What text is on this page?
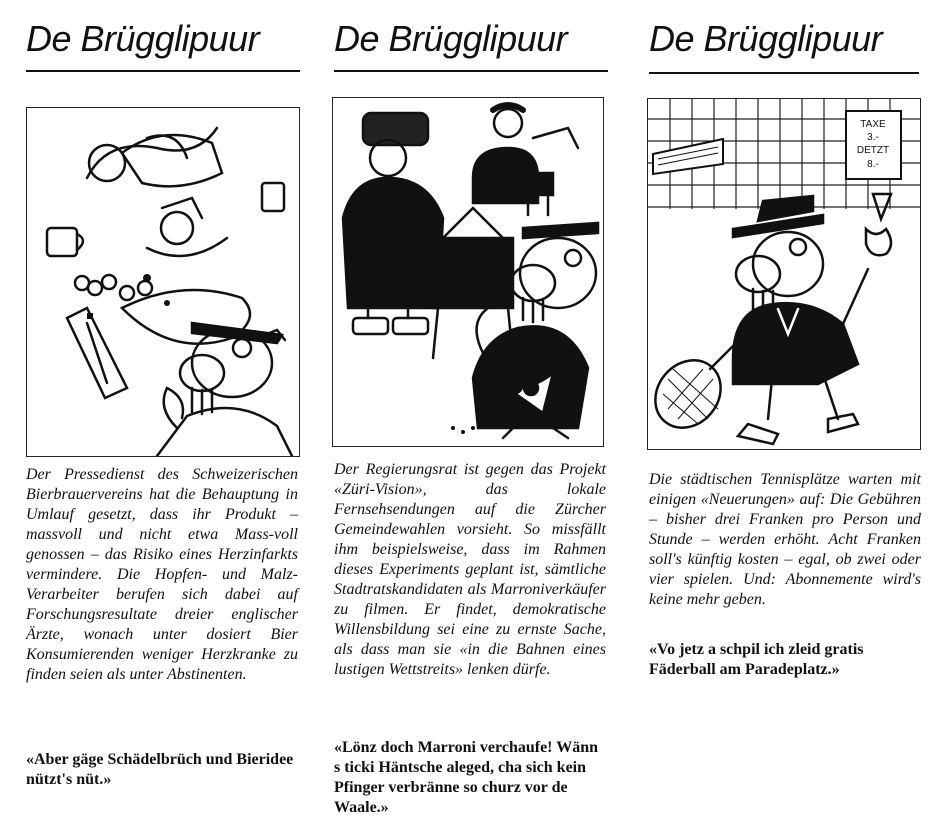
De Brügglipuur

Der Pressedienst des Schweizerischen Bierbrauervereins hat die Behauptung in Umlauf gesetzt, dass ihr Produkt – massvoll und nicht etwa Mass-voll genossen – das Risiko eines Herzinfarkts vermindere. Die Hopfen- und Malz-Verarbeiter berufen sich dabei auf Forschungsresultate dreier englischer Ärzte, wonach unter dosiert Bier Konsumierenden weniger Herzkranke zu finden seien als unter Abstinenten.

«Aber gäge Schädelbrüch und Bieridee nützt's nüt.»

De Brügglipuur

Der Regierungsrat ist gegen das Projekt «Züri-Vision», das lokale Fernsehsendungen auf die Zürcher Gemeindewahlen vorsieht. So missfällt ihm beispielsweise, dass im Rahmen dieses Experiments geplant ist, sämtliche Stadtratskandidaten als Marroniverkäufer zu filmen. Er findet, demokratische Willensbildung sei eine zu ernste Sache, als dass man sie «in die Bahnen eines lustigen Wettstreits» lenken dürfe.

«Lönz doch Marroni verchaufe! Wänn s ticki Häntsche aleged, cha sich kein Pfinger verbränne so churz vor de Waale.»

De Brügglipuur
TAXE
3.-
DETZT
8.-

Die städtischen Tennisplätze warten mit einigen «Neuerungen» auf: Die Gebühren – bisher drei Franken pro Person und Stunde – werden erhöht. Acht Franken soll's künftig kosten – egal, ob zwei oder vier spielen. Und: Abonnemente wird's keine mehr geben.

«Vo jetz a schpil ich zleid gratis Fäderball am Paradeplatz.»
